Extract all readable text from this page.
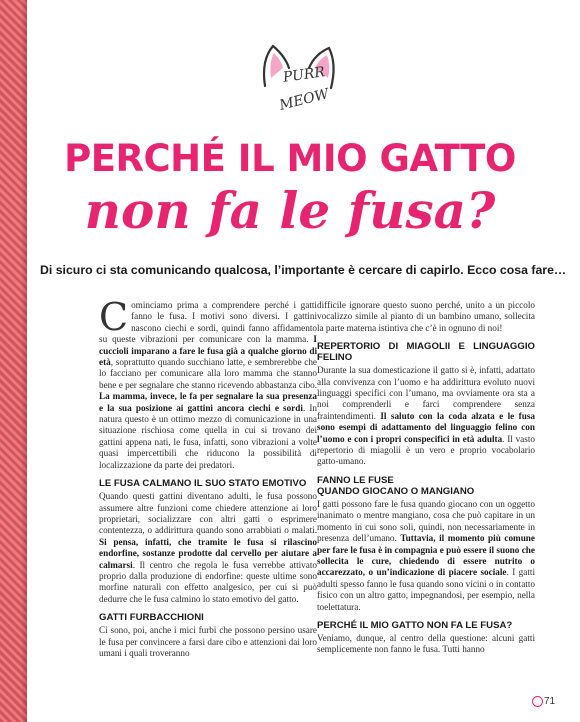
PURR
MEOW
PERCHÉ IL MIO GATTO
non fa le fusa?
Di sicuro ci sta comunicando qualcosa, l’importante è cercare di capirlo. Ecco cosa fare…

Cominciamo prima a comprendere perché i gatti fanno le fusa. I motivi sono diversi. I gattini nascono ciechi e sordi, quindi fanno affidamento su queste vibrazioni per comunicare con la mamma. I cuccioli imparano a fare le fusa già a qualche giorno di età, soprattutto quando succhiano latte, e sembrerebbe che lo facciano per comunicare alla loro mamma che stanno bene e per segnalare che stanno ricevendo abbastanza cibo. La mamma, invece, le fa per segnalare la sua presenza e la sua posizione ai gattini ancora ciechi e sordi. In natura questo è un ottimo mezzo di comunicazione in una situazione rischiosa come quella in cui si trovano dei gattini appena nati, le fusa, infatti, sono vibrazioni a volte quasi impercettibili che riducono la possibilità di localizzazione da parte dei predatori.

LE FUSA CALMANO IL SUO STATO EMOTIVO

Quando questi gattini diventano adulti, le fusa possono assumere altre funzioni come chiedere attenzione ai loro proprietari, socializzare con altri gatti o esprimere contentezza, o addirittura quando sono arrabbiati o malati. Si pensa, infatti, che tramite le fusa si rilascino endorfine, sostanze prodotte dal cervello per aiutare a calmarsi. Il centro che regola le fusa verrebbe attivato proprio dalla produzione di endorfine: queste ultime sono morfine naturali con effetto analgesico, per cui si può dedurre che le fusa calmino lo stato emotivo del gatto.

GATTI FURBACCHIONI

Ci sono, poi, anche i mici furbi che possono persino usare le fusa per convincere a farsi dare cibo e attenzioni dai loro umani i quali troveranno

difficile ignorare questo suono perché, unito a un piccolo vocalizzo simile al pianto di un bambino umano, sollecita la parte materna istintiva che c’è in ognuno di noi!

REPERTORIO DI MIAGOLII E LINGUAGGIO FELINO

Durante la sua domesticazione il gatto si è, infatti, adattato alla convivenza con l’uomo e ha addirittura evoluto nuovi linguaggi specifici con l’umano, ma ovviamente ora sta a noi comprenderli e farci comprendere senza fraintendimenti. Il saluto con la coda alzata e le fusa sono esempi di adattamento del linguaggio felino con l’uomo e con i propri conspecifici in età adulta. Il vasto repertorio di miagolii è un vero e proprio vocabolario gatto-umano.

FANNO LE FUSE
QUANDO GIOCANO O MANGIANO

I gatti possono fare le fusa quando giocano con un oggetto inanimato o mentre mangiano, cosa che può capitare in un momento in cui sono soli, quindi, non necessariamente in presenza dell’umano. Tuttavia, il momento più comune per fare le fusa è in compagnia e può essere il suono che sollecita le cure, chiedendo di essere nutrito o accarezzato, o un’indicazione di piacere sociale. I gatti adulti spesso fanno le fusa quando sono vicini o in contatto fisico con un altro gatto, impegnandosi, per esempio, nella toelettatura.

PERCHÉ IL MIO GATTO NON FA LE FUSA?

Veniamo, dunque, al centro della questione: alcuni gatti semplicemente non fanno le fusa. Tutti hanno

71
